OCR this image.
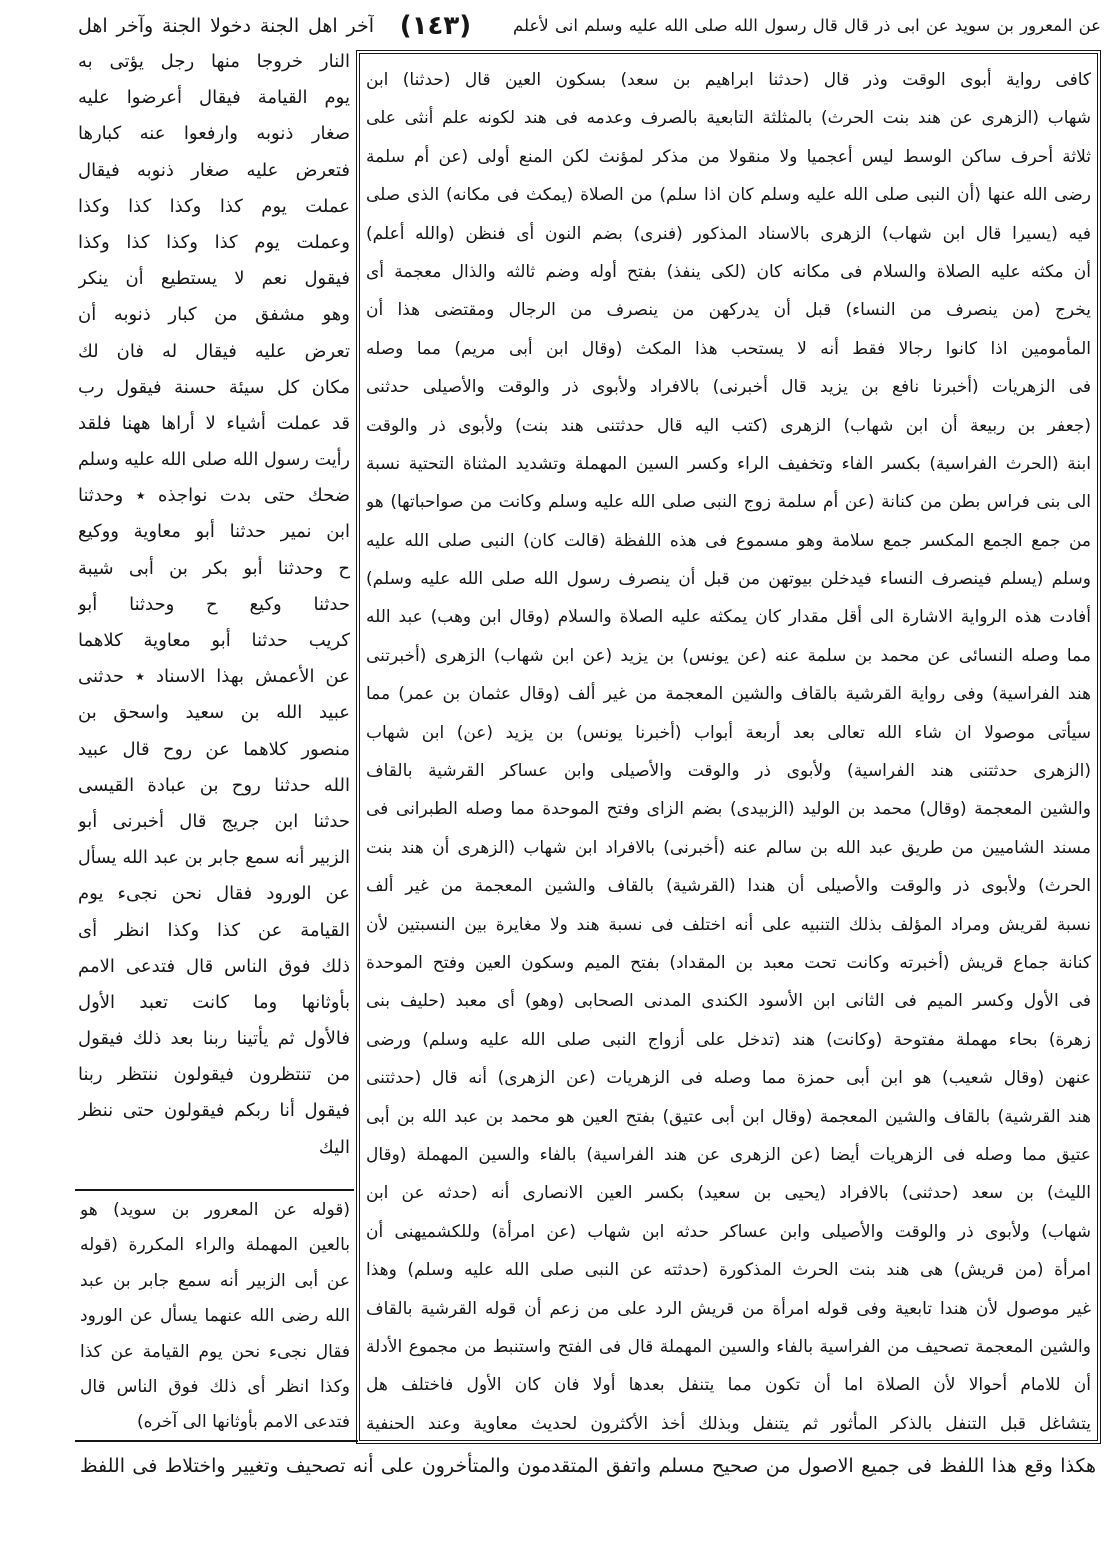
عن المعرور بن سويد عن ابى ذر قال قال رسول الله صلى الله عليه وسلم انى لأعلم
(١٤٣)
آخر اهل الجنة دخولا الجنة وآخر اهل
كافى رواية أبوى الوقت وذر قال (حدثنا ابراهيم بن سعد) بسكون العين قال (حدثنا) ابن
شهاب (الزهرى عن هند بنت الحرث) بالمثلثة التابعية بالصرف وعدمه فى هند لكونه علم أنثى على
ثلاثة أحرف ساكن الوسط ليس أعجميا ولا منقولا من مذكر لمؤنث لكن المنع أولى (عن أم سلمة
رضى الله عنها (أن النبى صلى الله عليه وسلم كان اذا سلم) من الصلاة (يمكث فى مكانه) الذى صلى
فيه (يسيرا قال ابن شهاب) الزهرى بالاسناد المذكور (فنرى) بضم النون أى فنظن (والله أعلم)
أن مكثه عليه الصلاة والسلام فى مكانه كان (لكى ينفذ) بفتح أوله وضم ثالثه والذال معجمة أى
يخرج (من ينصرف من النساء) قبل أن يدركهن من ينصرف من الرجال ومقتضى هذا أن
المأمومين اذا كانوا رجالا فقط أنه لا يستحب هذا المكث (وقال ابن أبى مريم) مما وصله
فى الزهريات (أخبرنا نافع بن يزيد قال أخبرنى) بالافراد ولأبوى ذر والوقت والأصيلى حدثنى
(جعفر بن ربيعة أن ابن شهاب) الزهرى (كتب اليه قال حدثتنى هند بنت) ولأبوى ذر والوقت
ابنة (الحرث الفراسية) بكسر الفاء وتخفيف الراء وكسر السين المهملة وتشديد المثناة التحتية نسبة
الى بنى فراس بطن من كنانة (عن أم سلمة زوج النبى صلى الله عليه وسلم وكانت من صواحباتها) هو
من جمع الجمع المكسر جمع سلامة وهو مسموع فى هذه اللفظة (قالت كان) النبى صلى الله عليه
وسلم (يسلم فينصرف النساء فيدخلن بيوتهن من قبل أن ينصرف رسول الله صلى الله عليه وسلم)
أفادت هذه الرواية الاشارة الى أقل مقدار كان يمكثه عليه الصلاة والسلام (وقال ابن وهب) عبد الله
مما وصله النسائى عن محمد بن سلمة عنه (عن يونس) بن يزيد (عن ابن شهاب) الزهرى (أخبرتنى
هند الفراسية) وفى رواية القرشية بالقاف والشين المعجمة من غير ألف (وقال عثمان بن عمر) مما
سيأتى موصولا ان شاء الله تعالى بعد أربعة أبواب (أخبرنا يونس) بن يزيد (عن) ابن شهاب
(الزهرى حدثتنى هند الفراسية) ولأبوى ذر والوقت والأصيلى وابن عساكر القرشية بالقاف
والشين المعجمة (وقال) محمد بن الوليد (الزبيدى) بضم الزاى وفتح الموحدة مما وصله الطبرانى فى
مسند الشاميين من طريق عبد الله بن سالم عنه (أخبرنى) بالافراد ابن شهاب (الزهرى أن هند بنت
الحرث) ولأبوى ذر والوقت والأصيلى أن هندا (القرشية) بالقاف والشين المعجمة من غير ألف
نسبة لقريش ومراد المؤلف بذلك التنبيه على أنه اختلف فى نسبة هند ولا مغايرة بين النسبتين لأن
كنانة جماع قريش (أخبرته وكانت تحت معبد بن المقداد) بفتح الميم وسكون العين وفتح الموحدة
فى الأول وكسر الميم فى الثانى ابن الأسود الكندى المدنى الصحابى (وهو) أى معبد (حليف بنى
زهرة) بحاء مهملة مفتوحة (وكانت) هند (تدخل على أزواج النبى صلى الله عليه وسلم) ورضى
عنهن (وقال شعيب) هو ابن أبى حمزة مما وصله فى الزهريات (عن الزهرى) أنه قال (حدثتنى
هند القرشية) بالقاف والشين المعجمة (وقال ابن أبى عتيق) بفتح العين هو محمد بن عبد الله بن أبى
عتيق مما وصله فى الزهريات أيضا (عن الزهرى عن هند الفراسية) بالفاء والسين المهملة (وقال
الليث) بن سعد (حدثنى) بالافراد (يحيى بن سعيد) بكسر العين الانصارى أنه (حدثه عن ابن
شهاب) ولأبوى ذر والوقت والأصيلى وابن عساكر حدثه ابن شهاب (عن امرأة) وللكشميهنى أن
امرأة (من قريش) هى هند بنت الحرث المذكورة (حدثته عن النبى صلى الله عليه وسلم) وهذا
غير موصول لأن هندا تابعية وفى قوله امرأة من قريش الرد على من زعم أن قوله القرشية بالقاف
والشين المعجمة تصحيف من الفراسية بالفاء والسين المهملة قال فى الفتح واستنبط من مجموع الأدلة
أن للامام أحوالا لأن الصلاة اما أن تكون مما يتنفل بعدها أولا فان كان الأول فاختلف هل
يتشاغل قبل التنفل بالذكر المأثور ثم يتنفل وبذلك أخذ الأكثرون لحديث معاوية وعند الحنفية
النار خروجا منها رجل يؤتى به
يوم القيامة فيقال أعرضوا عليه
صغار ذنوبه وارفعوا عنه كبارها
فتعرض عليه صغار ذنوبه فيقال
عملت يوم كذا وكذا كذا وكذا
وعملت يوم كذا وكذا كذا وكذا
فيقول نعم لا يستطيع أن ينكر
وهو مشفق من كبار ذنوبه أن
تعرض عليه فيقال له فان لك
مكان كل سيئة حسنة فيقول رب
قد عملت أشياء لا أراها ههنا فلقد
رأيت رسول الله صلى الله عليه وسلم
ضحك حتى بدت نواجذه ٭ وحدثنا
ابن نمير حدثنا أبو معاوية ووكيع
ح وحدثنا أبو بكر بن أبى شيبة
حدثنا وكيع ح وحدثنا أبو
كريب حدثنا أبو معاوية كلاهما
عن الأعمش بهذا الاسناد ٭ حدثنى
عبيد الله بن سعيد واسحق بن
منصور كلاهما عن روح قال عبيد
الله حدثنا روح بن عبادة القيسى
حدثنا ابن جريج قال أخبرنى أبو
الزبير أنه سمع جابر بن عبد الله يسأل
عن الورود فقال نحن نجىء يوم
القيامة عن كذا وكذا انظر أى
ذلك فوق الناس قال فتدعى الامم
بأوثانها وما كانت تعبد الأول
فالأول ثم يأتينا ربنا بعد ذلك فيقول
من تنتظرون فيقولون ننتظر ربنا
فيقول أنا ربكم فيقولون حتى ننظر
اليك
(قوله عن المعرور بن سويد) هو
بالعين المهملة والراء المكررة (قوله
عن أبى الزبير أنه سمع جابر بن عبد
الله رضى الله عنهما يسأل عن الورود
فقال نجىء نحن يوم القيامة عن كذا
وكذا انظر أى ذلك فوق الناس قال
فتدعى الامم بأوثانها الى آخره)
هكذا وقع هذا اللفظ فى جميع الاصول من صحيح مسلم واتفق المتقدمون والمتأخرون على أنه تصحيف وتغيير واختلاط فى اللفظ
